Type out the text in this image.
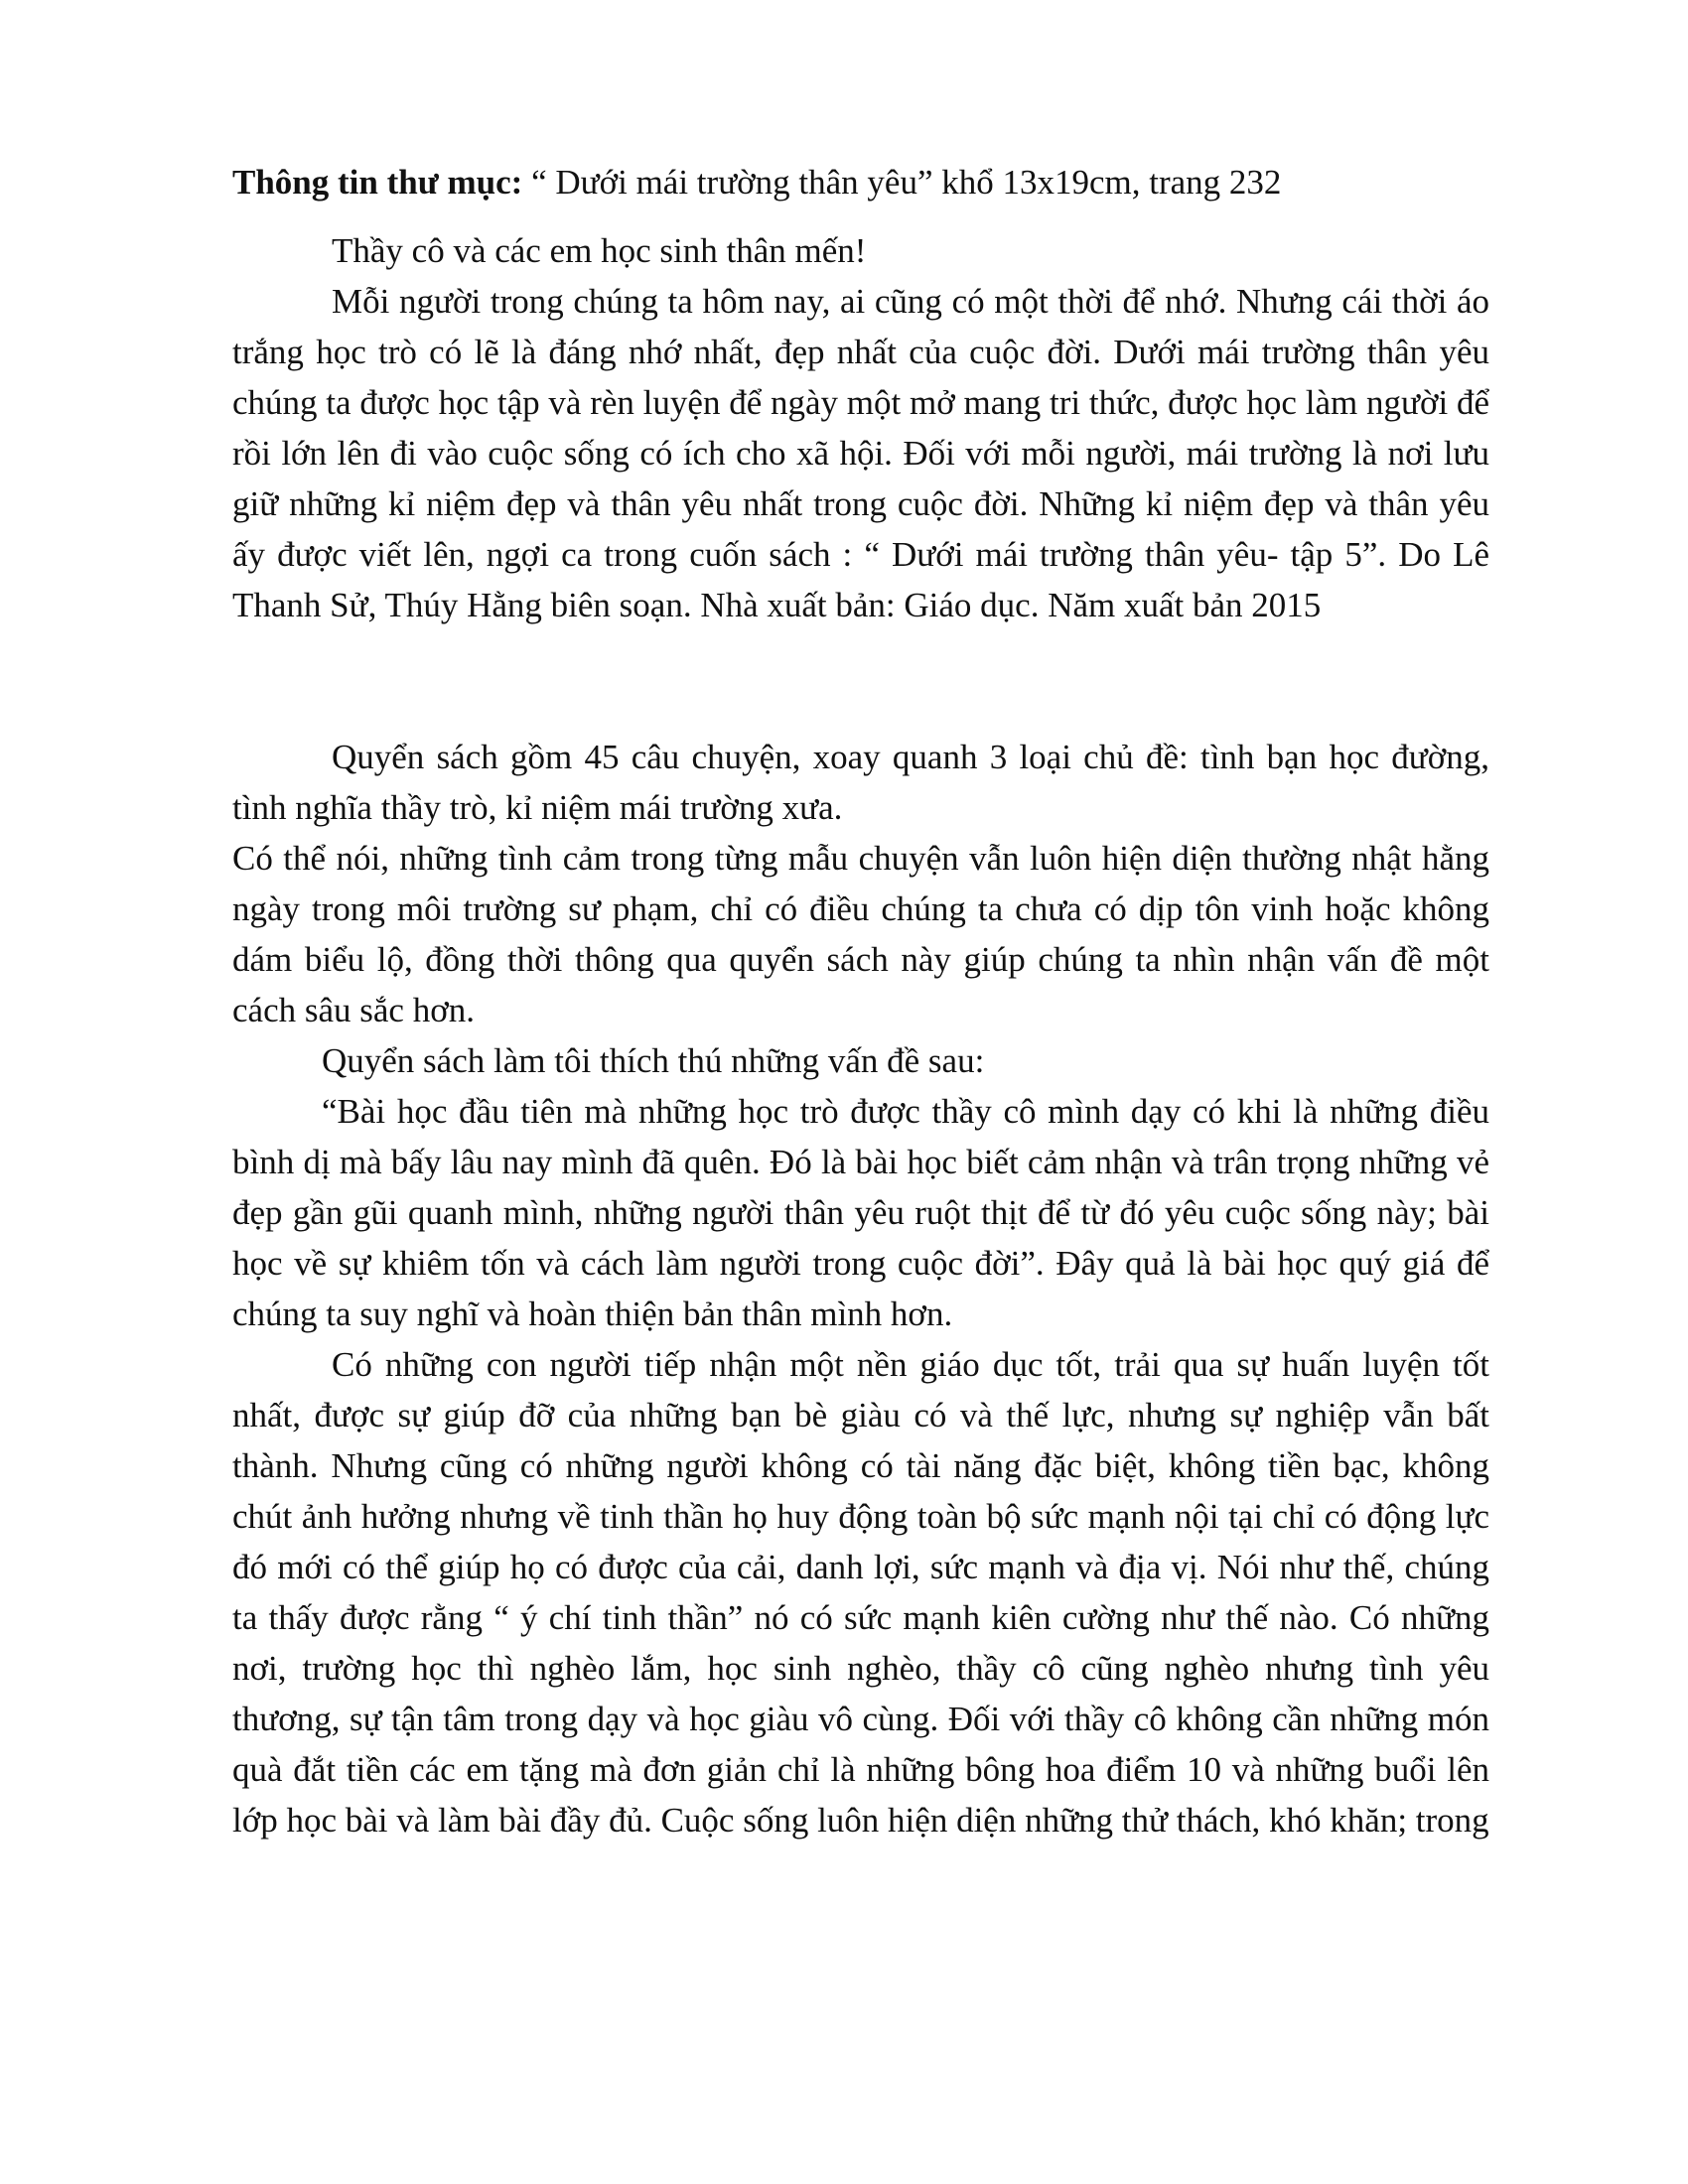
Thông tin thư mục: “ Dưới mái trường thân yêu” khổ 13x19cm, trang 232

Thầy cô và các em học sinh thân mến!

Mỗi người trong chúng ta hôm nay, ai cũng có một thời để nhớ. Nhưng cái thời áo trắng học trò có lẽ là đáng nhớ nhất, đẹp nhất của cuộc đời. Dưới mái trường thân yêu chúng ta được học tập và rèn luyện để ngày một mở mang tri thức, được học làm người để rồi lớn lên đi vào cuộc sống có ích cho xã hội. Đối với mỗi người, mái trường là nơi lưu giữ những kỉ niệm đẹp và thân yêu nhất trong cuộc đời. Những kỉ niệm đẹp và thân yêu ấy được viết lên, ngợi ca trong cuốn sách : “ Dưới mái trường thân yêu- tập 5”. Do Lê Thanh Sử, Thúy Hằng biên soạn. Nhà xuất bản: Giáo dục. Năm xuất bản 2015

Quyển sách gồm 45 câu chuyện, xoay quanh 3 loại chủ đề: tình bạn học đường, tình nghĩa thầy trò, kỉ niệm mái trường xưa.

Có thể nói, những tình cảm trong từng mẫu chuyện vẫn luôn hiện diện thường nhật hằng ngày trong môi trường sư phạm, chỉ có điều chúng ta chưa có dịp tôn vinh hoặc không dám biểu lộ, đồng thời thông qua quyển sách này giúp chúng ta nhìn nhận vấn đề một cách sâu sắc hơn.

Quyển sách làm tôi thích thú những vấn đề sau:

“Bài học đầu tiên mà những học trò được thầy cô mình dạy có khi là những điều bình dị mà bấy lâu nay mình đã quên. Đó là bài học biết cảm nhận và trân trọng những vẻ đẹp gần gũi quanh mình, những người thân yêu ruột thịt để từ đó yêu cuộc sống này; bài học về sự khiêm tốn và cách làm người trong cuộc đời”. Đây quả là bài học quý giá để chúng ta suy nghĩ và hoàn thiện bản thân mình hơn.

Có những con người tiếp nhận một nền giáo dục tốt, trải qua sự huấn luyện tốt nhất, được sự giúp đỡ của những bạn bè giàu có và thế lực, nhưng sự nghiệp vẫn bất thành. Nhưng cũng có những người không có tài năng đặc biệt, không tiền bạc, không chút ảnh hưởng nhưng về tinh thần họ huy động toàn bộ sức mạnh nội tại chỉ có động lực đó mới có thể giúp họ có được của cải, danh lợi, sức mạnh và địa vị. Nói như thế, chúng ta thấy được rằng “ ý chí tinh thần” nó có sức mạnh kiên cường như thế nào. Có những nơi, trường học thì nghèo lắm, học sinh nghèo, thầy cô cũng nghèo nhưng tình yêu thương, sự tận tâm trong dạy và học giàu vô cùng. Đối với thầy cô không cần những món quà đắt tiền các em tặng mà đơn giản chỉ là những bông hoa điểm 10 và những buổi lên lớp học bài và làm bài đầy đủ. Cuộc sống luôn hiện diện những thử thách, khó khăn; trong
